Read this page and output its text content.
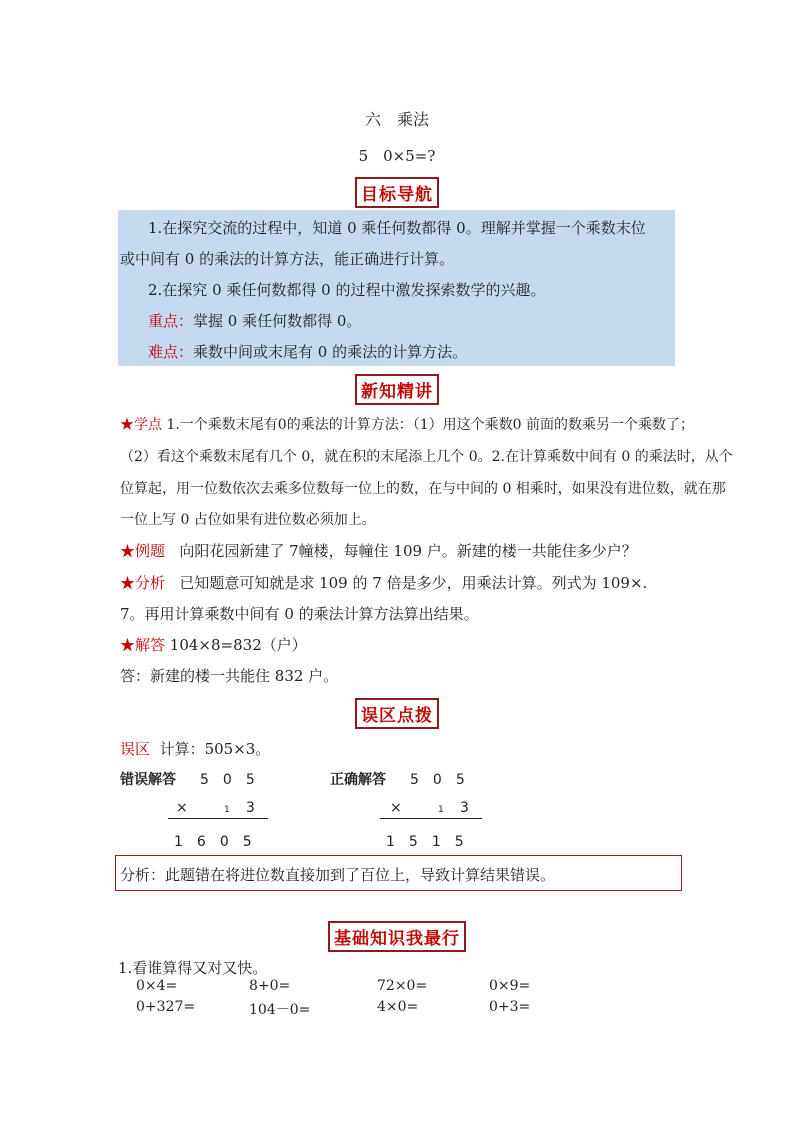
六　乘法
5　0×5=?
目标导航
1.在探究交流的过程中，知道 0 乘任何数都得 0。理解并掌握一个乘数末位
或中间有 0 的乘法的计算方法，能正确进行计算。
2.在探究 0 乘任何数都得 0 的过程中激发探索数学的兴趣。
重点：掌握 0 乘任何数都得 0。
难点：乘数中间或末尾有 0 的乘法的计算方法。
新知精讲
★学点 1.一个乘数末尾有0的乘法的计算方法：（1）用这个乘数0 前面的数乘另一个乘数了；
（2）看这个乘数末尾有几个 0，就在积的末尾添上几个 0。2.在计算乘数中间有 0 的乘法时，从个
位算起，用一位数依次去乘多位数每一位上的数，在与中间的 0 相乘时，如果没有进位数，就在那
一位上写 0 占位如果有进位数必须加上。
★例题 向阳花园新建了 7幢楼，每幢住 109 户。新建的楼一共能住多少户？
★分析 已知题意可知就是求 109 的 7 倍是多少，用乘法计算。列式为 109×.
7。再用计算乘数中间有 0 的乘法计算方法算出结果。
★解答 104×8=832（户）
答：新建的楼一共能住 832 户。
误区点拨
误区 计算：505×3。
错误解答 5　0　5
×	1 3
1　6　0　5
正确解答 5　0　5
×	1 3
1　5　1　5
分析：此题错在将进位数直接加到了百位上，导致计算结果错误。
基础知识我最行
1.看谁算得又对又快。
0×4=	8+0=	72×0=	0×9=
0+327=	104－0=	4×0=	0+3=
